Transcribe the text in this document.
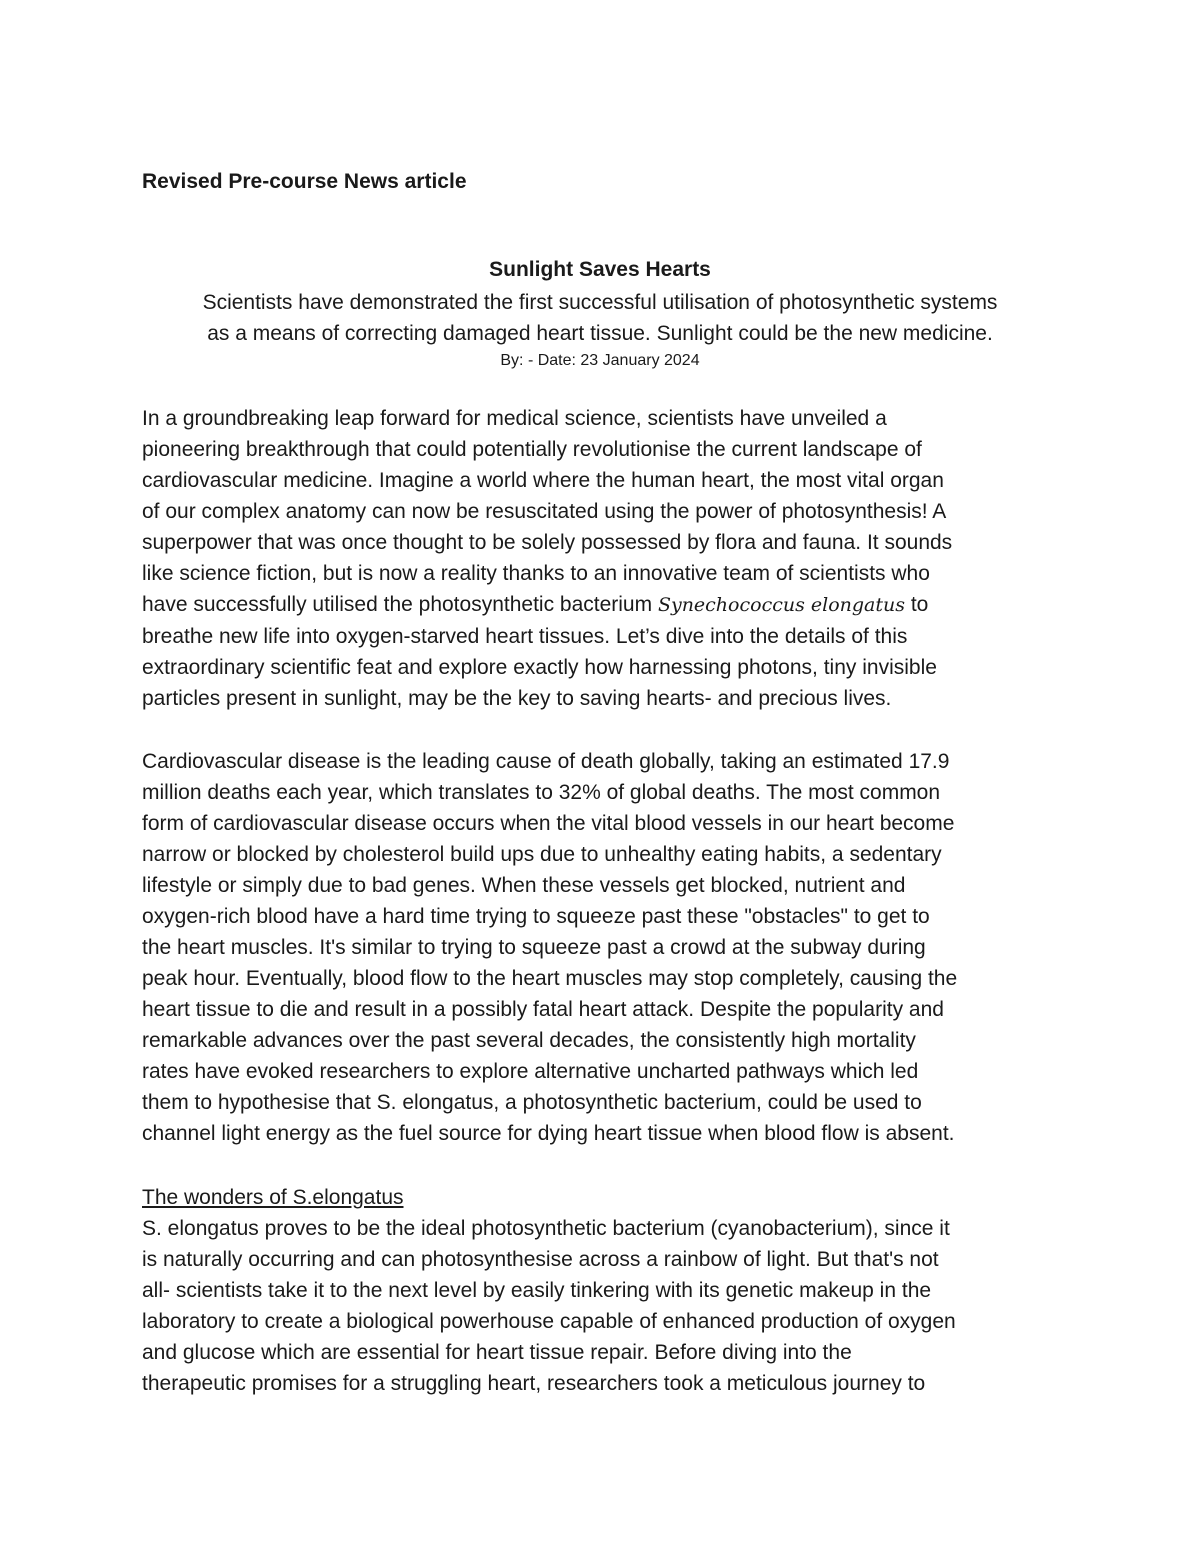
Revised Pre-course News article
Sunlight Saves Hearts

Scientists have demonstrated the first successful utilisation of photosynthetic systems
as a means of correcting damaged heart tissue. Sunlight could be the new medicine.

By: - Date: 23 January 2024

In a groundbreaking leap forward for medical science, scientists have unveiled a
pioneering breakthrough that could potentially revolutionise the current landscape of
cardiovascular medicine. Imagine a world where the human heart, the most vital organ
of our complex anatomy can now be resuscitated using the power of photosynthesis! A
superpower that was once thought to be solely possessed by flora and fauna. It sounds
like science fiction, but is now a reality thanks to an innovative team of scientists who
have successfully utilised the photosynthetic bacterium Synechococcus elongatus to
breathe new life into oxygen-starved heart tissues. Let’s dive into the details of this
extraordinary scientific feat and explore exactly how harnessing photons, tiny invisible
particles present in sunlight, may be the key to saving hearts- and precious lives.

Cardiovascular disease is the leading cause of death globally, taking an estimated 17.9
million deaths each year, which translates to 32% of global deaths. The most common
form of cardiovascular disease occurs when the vital blood vessels in our heart become
narrow or blocked by cholesterol build ups due to unhealthy eating habits, a sedentary
lifestyle or simply due to bad genes. When these vessels get blocked, nutrient and
oxygen-rich blood have a hard time trying to squeeze past these "obstacles" to get to
the heart muscles. It's similar to trying to squeeze past a crowd at the subway during
peak hour. Eventually, blood flow to the heart muscles may stop completely, causing the
heart tissue to die and result in a possibly fatal heart attack. Despite the popularity and
remarkable advances over the past several decades, the consistently high mortality
rates have evoked researchers to explore alternative uncharted pathways which led
them to hypothesise that S. elongatus, a photosynthetic bacterium, could be used to
channel light energy as the fuel source for dying heart tissue when blood flow is absent.

The wonders of S.elongatus
S. elongatus proves to be the ideal photosynthetic bacterium (cyanobacterium), since it
is naturally occurring and can photosynthesise across a rainbow of light. But that's not
all- scientists take it to the next level by easily tinkering with its genetic makeup in the
laboratory to create a biological powerhouse capable of enhanced production of oxygen
and glucose which are essential for heart tissue repair. Before diving into the
therapeutic promises for a struggling heart, researchers took a meticulous journey to
